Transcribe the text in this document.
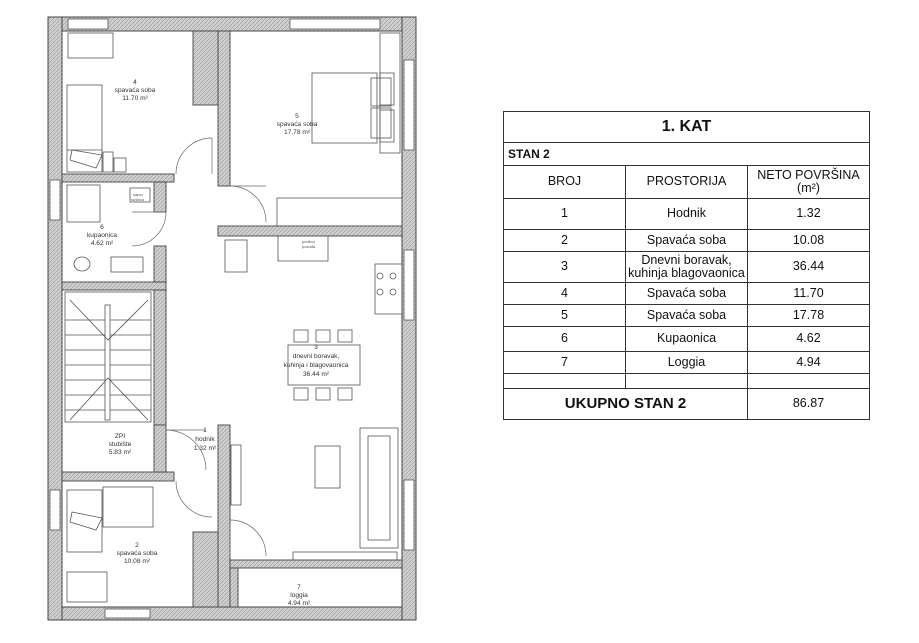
kaper
sušilica
perilica
posuđa
4
spavaća soba
11.70 m²
5
spavaća soba
17.78 m²
6
kupaonica
4.62 m²
3
dnevni boravak,
kuhinja i blagovaonica
36.44 m²
ZPI
stubište
5.83 m²
1
hodnik
1.32 m²
2
spavaća soba
10.08 m²
7
loggia
4.94 m²
1. KAT		
STAN 2		
BROJ	PROSTORIJA	NETO POVRŠINA (m²)
1	Hodnik	1.32
2	Spavaća soba	10.08
3	Dnevni boravak,
kuhinja blagovaonica	36.44
4	Spavaća soba	11.70
5	Spavaća soba	17.78
6	Kupaonica	4.62
7	Loggia	4.94

UKUPNO STAN 2		86.87
